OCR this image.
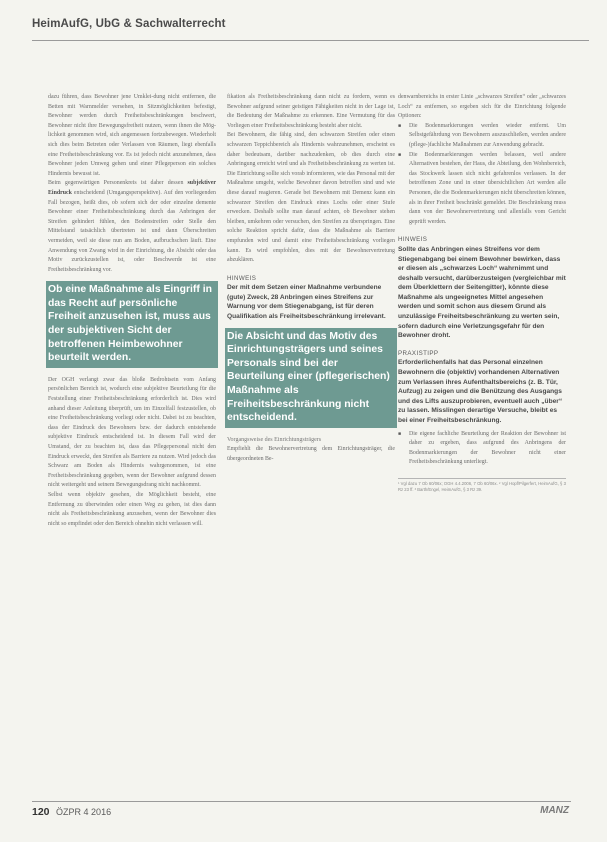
HeimAufG, UbG & Sachwalterrecht

dazu führen, dass Bewohner jene Umklei-dung nicht entfernen, die Betten mit Warnmelder versehen, in Sitzmöglichkeiten befestigt, Bewohner werden durch Freiheitsbeschränkungen beschwert, Bewohner nicht ihre Bewegungsfreiheit nutzen, wenn ihnen die Mög-lichkeit genommen wird, sich angemessen fortzubewegen. Wiederholt sich dies beim Betreten oder Verlassen von Räumen, liegt ebenfalls eine Freiheitsbeschränkung vor. Es ist jedoch nicht anzunehmen, dass Bewohner jeden Umweg gehen und einer Pflegeperson ein solches Hindernis bewusst ist.

Beim gegenwärtigen Personenkreis ist daher dessen subjektiver Eindruck entscheidend (Umgangsperspektive). Auf den vorliegenden Fall bezogen, heißt dies, ob sofern sich der oder einzelne demente Bewohner einer Freiheitsbeschränkung durch das Anbringen der Streifen gehindert fühlen, den Bodenstreifen oder Stelle den Mittelstand tatsächlich übertreten ist und dann Überschreiten vermeiden, weil sie diese nun am Boden, aufbruchschen läuft. Eine Anwendung von Zwang wird in der Einrichtung, die Absicht oder das Motiv zurückzustellen ist, oder Beschwerde ist eine Freiheitsbeschränkung vor.

Ob eine Maßnahme als Eingriff in das Recht auf persönliche Freiheit anzusehen ist, muss aus der subjektiven Sicht der betroffenen Heimbewohner beurteilt werden.

Der OGH verlangt zwar das bloße Bedrohtsein vom Anfang persönlichen Bereich ist, wodurch eine subjektive Beurteilung für die Feststellung einer Freiheitsbeschränkung erforderlich ist. Dies wird anhand dieser Anleitung überprüft, um im Einzelfall festzustellen, ob eine Freiheitsbeschränkung vorliegt oder nicht. Dabei ist zu beachten, dass der Eindruck des Bewohners bzw. der dadurch entstehende subjektive Eindruck entscheidend ist. In diesem Fall wird der Umstand, der zu beachten ist, dass das Pflegepersonal nicht den Eindruck erweckt, den Streifen als Barriere zu nutzen. Wird jedoch das Schwarz am Boden als Hindernis wahrgenommen, ist eine Freiheitsbeschränkung gegeben, wenn der Bewohner aufgrund dessen nicht weitergeht und seinem Bewegungsdrang nicht nachkommt.

Selbst wenn objektiv gesehen, die Möglichkeit besteht, eine Entfernung zu überwinden oder einen Weg zu gehen, ist dies dann nicht als Freiheitsbeschränkung anzusehen, wenn der Bewohner dies nicht so empfindet oder den Bereich ohnehin nicht verlassen will.

fikation als Freiheitsbeschränkung dann nicht zu fordern, wenn es Bewohner aufgrund seiner geistigen Fähigkeiten nicht in der Lage ist, die Bedeutung der Maßnahme zu erkennen. Eine Vermutung für das Vorliegen einer Freiheitsbeschränkung besteht aber nicht.

Bei Bewohnern, die fähig sind, den schwarzen Streifen oder einen schwarzen Teppichbereich als Hindernis wahrzunehmen, erscheint es daher bedeutsam, darüber nachzudenken, ob dies durch eine Anbringung erreicht wird und als Freiheitsbeschränkung zu werten ist. Die Einrichtung sollte sich vorab informieren, wie das Personal mit der Maßnahme umgeht, welche Bewohner davon betroffen sind und wie diese darauf reagieren. Gerade bei Bewohnern mit Demenz kann ein schwarzer Streifen den Eindruck eines Lochs oder einer Stufe erwecken. Deshalb sollte man darauf achten, ob Bewohner stehen bleiben, umkehren oder versuchen, den Streifen zu überspringen. Eine solche Reaktion spricht dafür, dass die Maßnahme als Barriere empfunden wird und damit eine Freiheitsbeschränkung vorliegen kann. Es wird empfohlen, dies mit der Bewohnervertretung abzuklären.

HINWEIS
Der mit dem Setzen einer Maßnahme verbundene (gute) Zweck, 28 Anbringen eines Streifens zur Warnung vor dem Stiegenabgang, ist für deren Qualifikation als Freiheitsbeschränkung irrelevant.
Die Absicht und das Motiv des Einrichtungsträgers und seines Personals sind bei der Beurteilung einer (pflegerischen) Maßnahme als Freiheitsbeschränkung nicht entscheidend.
Vorgangsweise des Einrichtungsträgers

Empfiehlt die Bewohnervertretung dem Einrichtungsträger, die übergeordneten Be-

denwarnbereichs in erster Linie „schwarzes Streifen“ oder „schwarzes Loch“ zu entfernen, so ergeben sich für die Einrichtung folgende Optionen:

■ Die Bodenmarkierungen werden wieder entfernt. Um Selbstgefährdung von Bewohnern auszuschließen, werden andere (pflege-)fachliche Maßnahmen zur Anwendung gebracht.
■ Die Bodenmarkierungen werden belassen, weil andere Alternativen bestehen, der Haus, die Abteilung, den Wohnbereich, das Stockwerk lassen sich nicht gefahrenlos verlassen. In der betroffenen Zone und in einer übersichtlichen Art werden alle Personen, die die Bodenmarkierungen nicht überschreiten können, als in ihrer Freiheit beschränkt gemeldet. Die Beschränkung muss dann von der Bewohnervertretung und allenfalls vom Gericht geprüft werden.
HINWEIS
Sollte das Anbringen eines Streifens vor dem Stiegenabgang bei einem Bewohner bewirken, dass er diesen als „schwarzes Loch“ wahrnimmt und deshalb versucht, darüberzusteigen (vergleichbar mit dem Überklettern der Seitengitter), könnte diese Maßnahme als ungeeignetes Mittel angesehen werden und somit schon aus diesem Grund als unzulässige Freiheitsbeschränkung zu werten sein, sofern dadurch eine Verletzungsgefahr für den Bewohner droht.
PRAXISTIPP
Erforderlichenfalls hat das Personal einzelnen Bewohnern die (objektiv) vorhandenen Alternativen zum Verlassen ihres Aufenthaltsbereichs (z. B. Tür, Aufzug) zu zeigen und die Benützung des Ausgangs und des Lifts auszuprobieren, eventuell auch „über“ zu lassen. Misslingen derartige Versuche, bleibt es bei einer Freiheitsbeschränkung.
■ Die eigene fachliche Beurteilung der Reaktion der Bewohner ist daher zu ergeben, dass aufgrund des Anbringens der Bodenmarkierungen der Bewohner nicht einer Freiheitsbeschränkung unterliegt.
¹ Vgl dazu 7 Ob 60/06x; OGH 4.4.2006, 7 Ob 60/06x. ² Vgl Hopf/Pilgerfert, HeimAufG, § 3 Rz 23 ff. ³ Barth/Engel, HeimAufG, § 3 Rz 39.
120 ÖZPR 4 2016	MANZ
